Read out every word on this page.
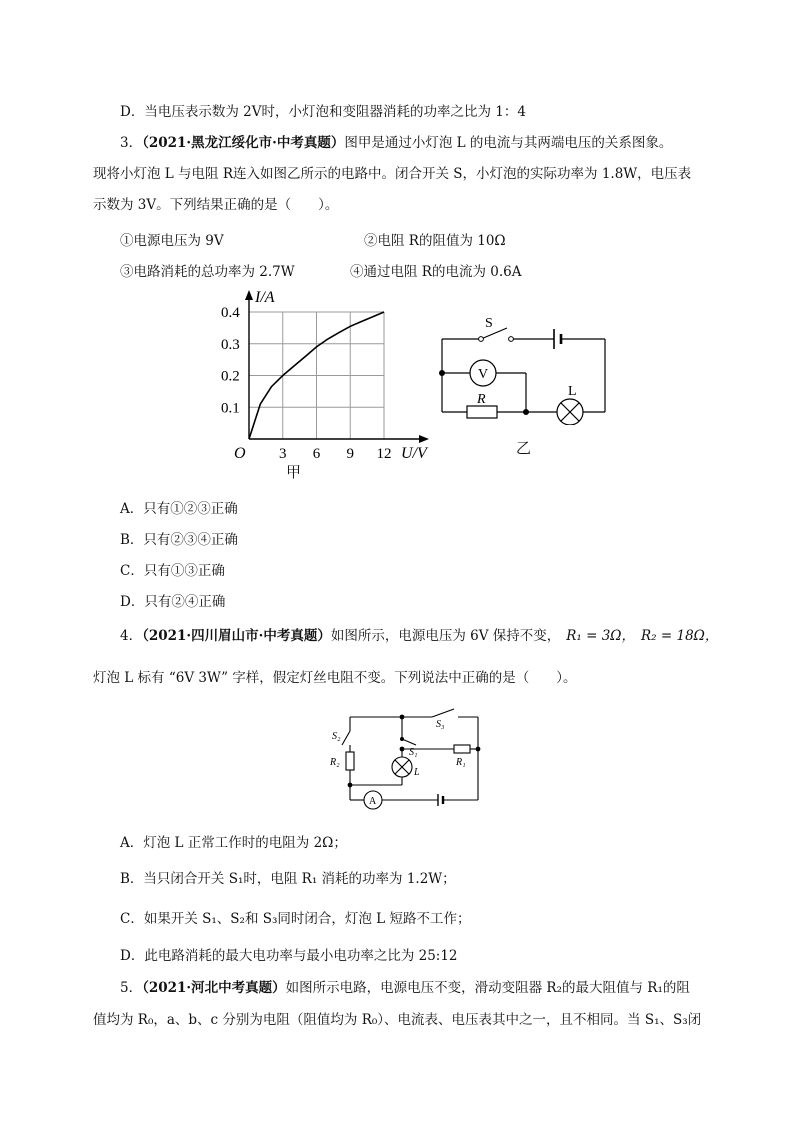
D．当电压表示数为 2V时，小灯泡和变阻器消耗的功率之比为 1：4
3．（2021·黑龙江绥化市·中考真题）图甲是通过小灯泡 L 的电流与其两端电压的关系图象。
现将小灯泡 L 与电阻 R连入如图乙所示的电路中。闭合开关 S，小灯泡的实际功率为 1.8W，电压表
示数为 3V。下列结果正确的是（　　）。
①电源电压为 9V	②电阻 R的阻值为 10Ω
③电路消耗的总功率为 2.7W	④通过电阻 R的电流为 0.6A
0.4
0.3
0.2
0.1
3 6 9 12
I/A
U/V
O
甲
S
V
R
L
乙
A．只有①②③正确
B．只有②③④正确
C．只有①③正确
D．只有②④正确
4．（2021·四川眉山市·中考真题）如图所示，电源电压为 6V 保持不变， R₁ = 3Ω， R₂ = 18Ω，
灯泡 L 标有 “6V 3W” 字样，假定灯丝电阻不变。下列说法中正确的是（　　）。
S₂
S₃
S₁
R₂	R₁
L
A
A．灯泡 L 正常工作时的电阻为 2Ω；
B．当只闭合开关 S₁时，电阻 R₁ 消耗的功率为 1.2W；
C．如果开关 S₁、S₂和 S₃同时闭合，灯泡 L 短路不工作；
D．此电路消耗的最大电功率与最小电功率之比为 25:12
5．（2021·河北中考真题）如图所示电路，电源电压不变，滑动变阻器 R₂的最大阻值与 R₁的阻
值均为 R₀，a、b、c 分别为电阻（阻值均为 R₀）、电流表、电压表其中之一，且不相同。当 S₁、S₃闭
